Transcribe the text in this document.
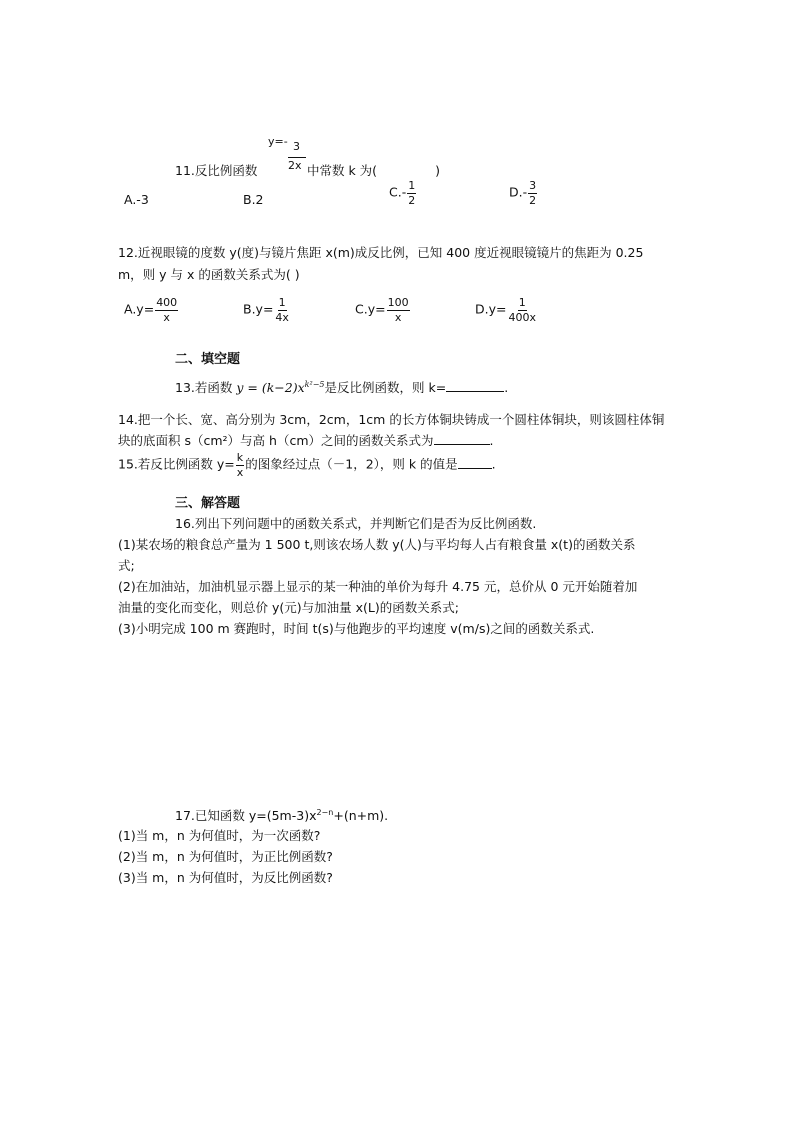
y=- 3
2x
11.反比例函数	中常数 k 为(	)
A.-3	B.2	$C.- \frac{1}{2}$	$D.- \frac{3}{2}$
12.近视眼镜的度数 y(度)与镜片焦距 x(m)成反比例，已知 400 度近视眼镜镜片的焦距为 0.25
m，则 y 与 x 的函数关系式为( )
$A.y= \frac{400}{x}$	$B.y= \frac{1}{4x}$	$C.y= \frac{100}{x}$	$D.y= \frac{1}{400x}$
二、填空题
13.若函数 $y = (k-2)x^{k^2-5}$是反比例函数，则 k=	.
14.把一个长、宽、高分别为 3cm，2cm，1cm 的长方体铜块铸成一个圆柱体铜块，则该圆柱体铜
块的底面积 s（cm²）与高 h（cm）之间的函数关系式为	.
15.若反比例函数 $y= \frac{k}{x}$ 的图象经过点（－1，2），则 k 的值是	.
三、解答题
16.列出下列问题中的函数关系式，并判断它们是否为反比例函数.
(1)某农场的粮食总产量为 1 500 t,则该农场人数 y(人)与平均每人占有粮食量 x(t)的函数关系
式;
(2)在加油站，加油机显示器上显示的某一种油的单价为每升 4.75 元，总价从 0 元开始随着加
油量的变化而变化，则总价 y(元)与加油量 x(L)的函数关系式;
(3)小明完成 100 m 赛跑时，时间 t(s)与他跑步的平均速度 v(m/s)之间的函数关系式.
17.已知函数 $y=(5m-3)x^{2-n}+(n+m)$.
(1)当 m，n 为何值时，为一次函数?
(2)当 m，n 为何值时，为正比例函数?
(3)当 m，n 为何值时，为反比例函数?
